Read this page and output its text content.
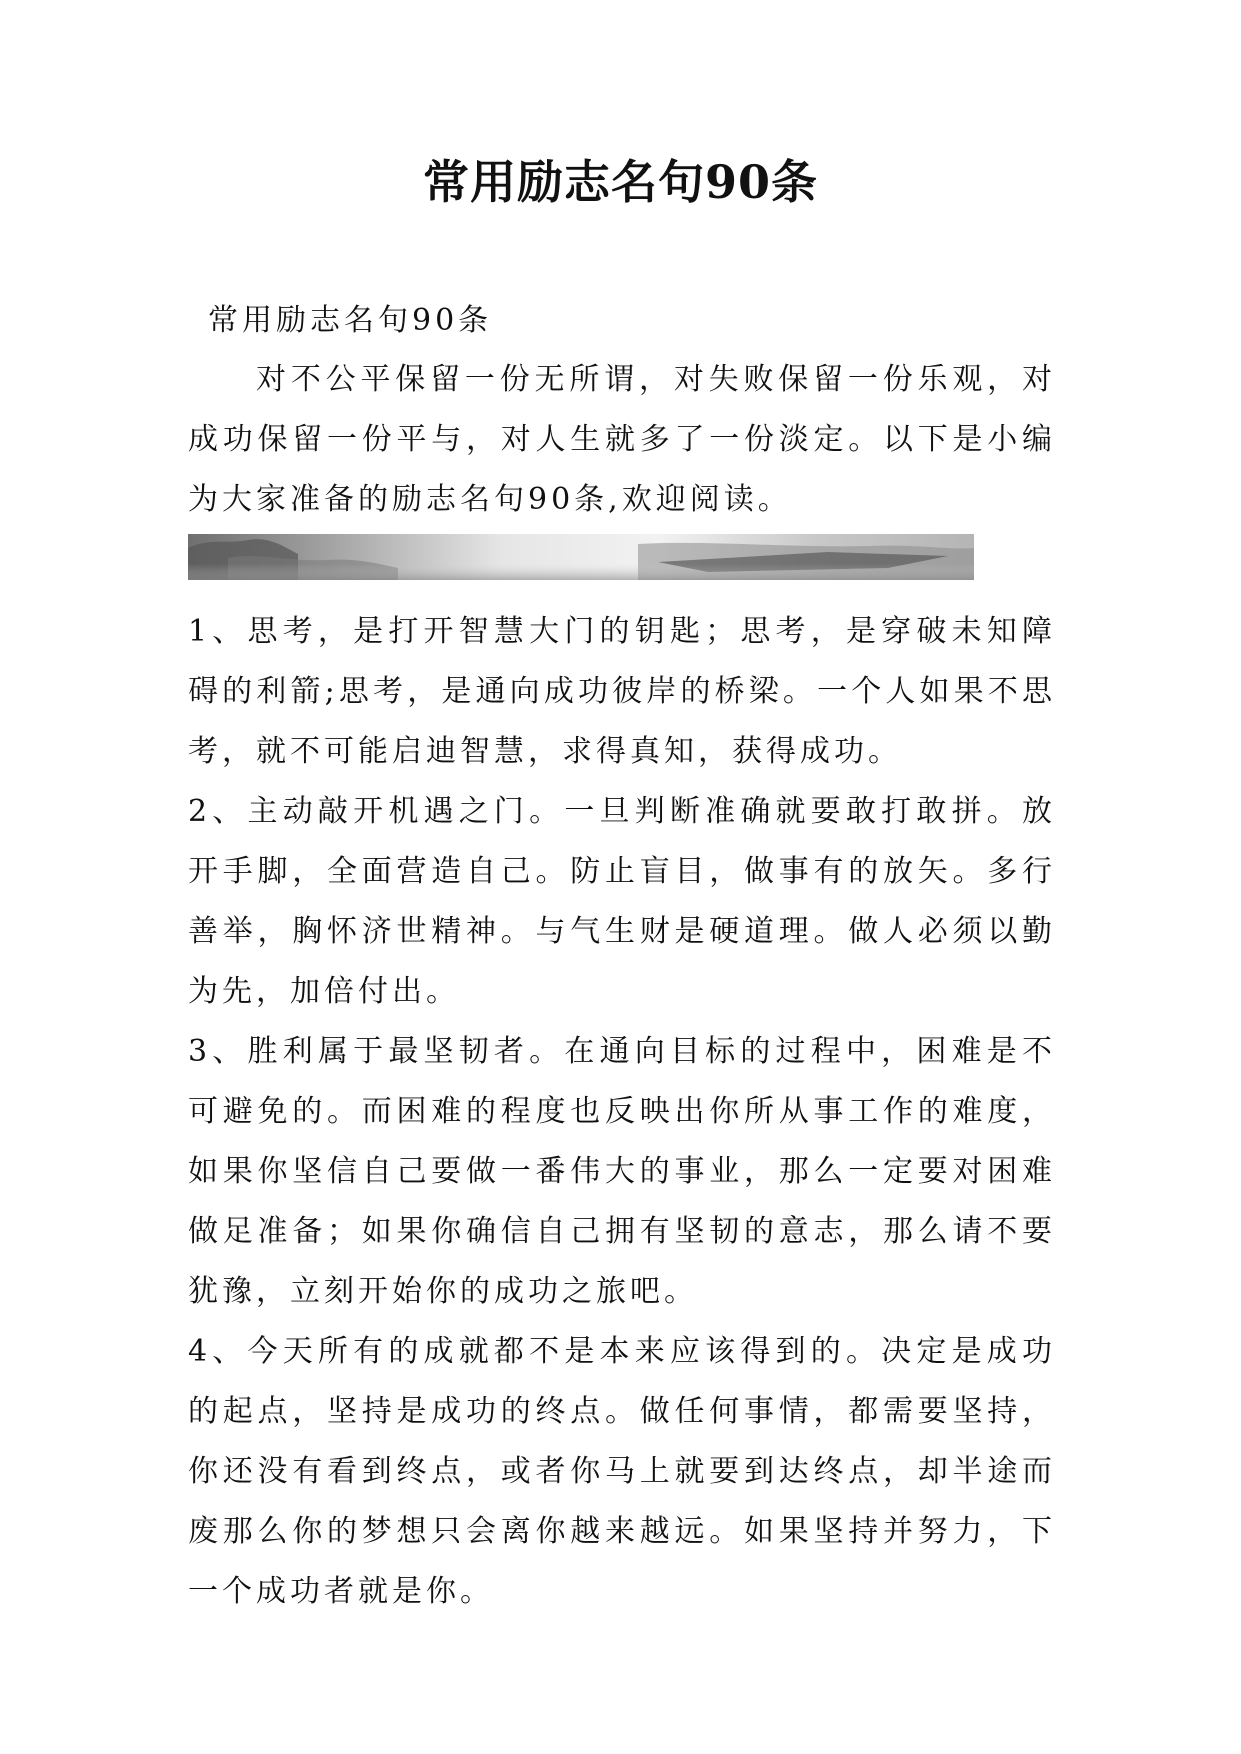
常用励志名句90条

常用励志名句90条

对不公平保留一份无所谓，对失败保留一份乐观，对成功保留一份平与，对人生就多了一份淡定。以下是小编为大家准备的励志名句90条,欢迎阅读。

1、思考，是打开智慧大门的钥匙；思考，是穿破未知障碍的利箭;思考，是通向成功彼岸的桥梁。一个人如果不思考，就不可能启迪智慧，求得真知，获得成功。

2、主动敲开机遇之门。一旦判断准确就要敢打敢拼。放开手脚，全面营造自己。防止盲目，做事有的放矢。多行善举，胸怀济世精神。与气生财是硬道理。做人必须以勤为先，加倍付出。

3、胜利属于最坚韧者。在通向目标的过程中，困难是不可避免的。而困难的程度也反映出你所从事工作的难度，如果你坚信自己要做一番伟大的事业，那么一定要对困难做足准备；如果你确信自己拥有坚韧的意志，那么请不要犹豫，立刻开始你的成功之旅吧。

4、今天所有的成就都不是本来应该得到的。决定是成功的起点，坚持是成功的终点。做任何事情，都需要坚持，你还没有看到终点，或者你马上就要到达终点，却半途而废那么你的梦想只会离你越来越远。如果坚持并努力，下一个成功者就是你。
